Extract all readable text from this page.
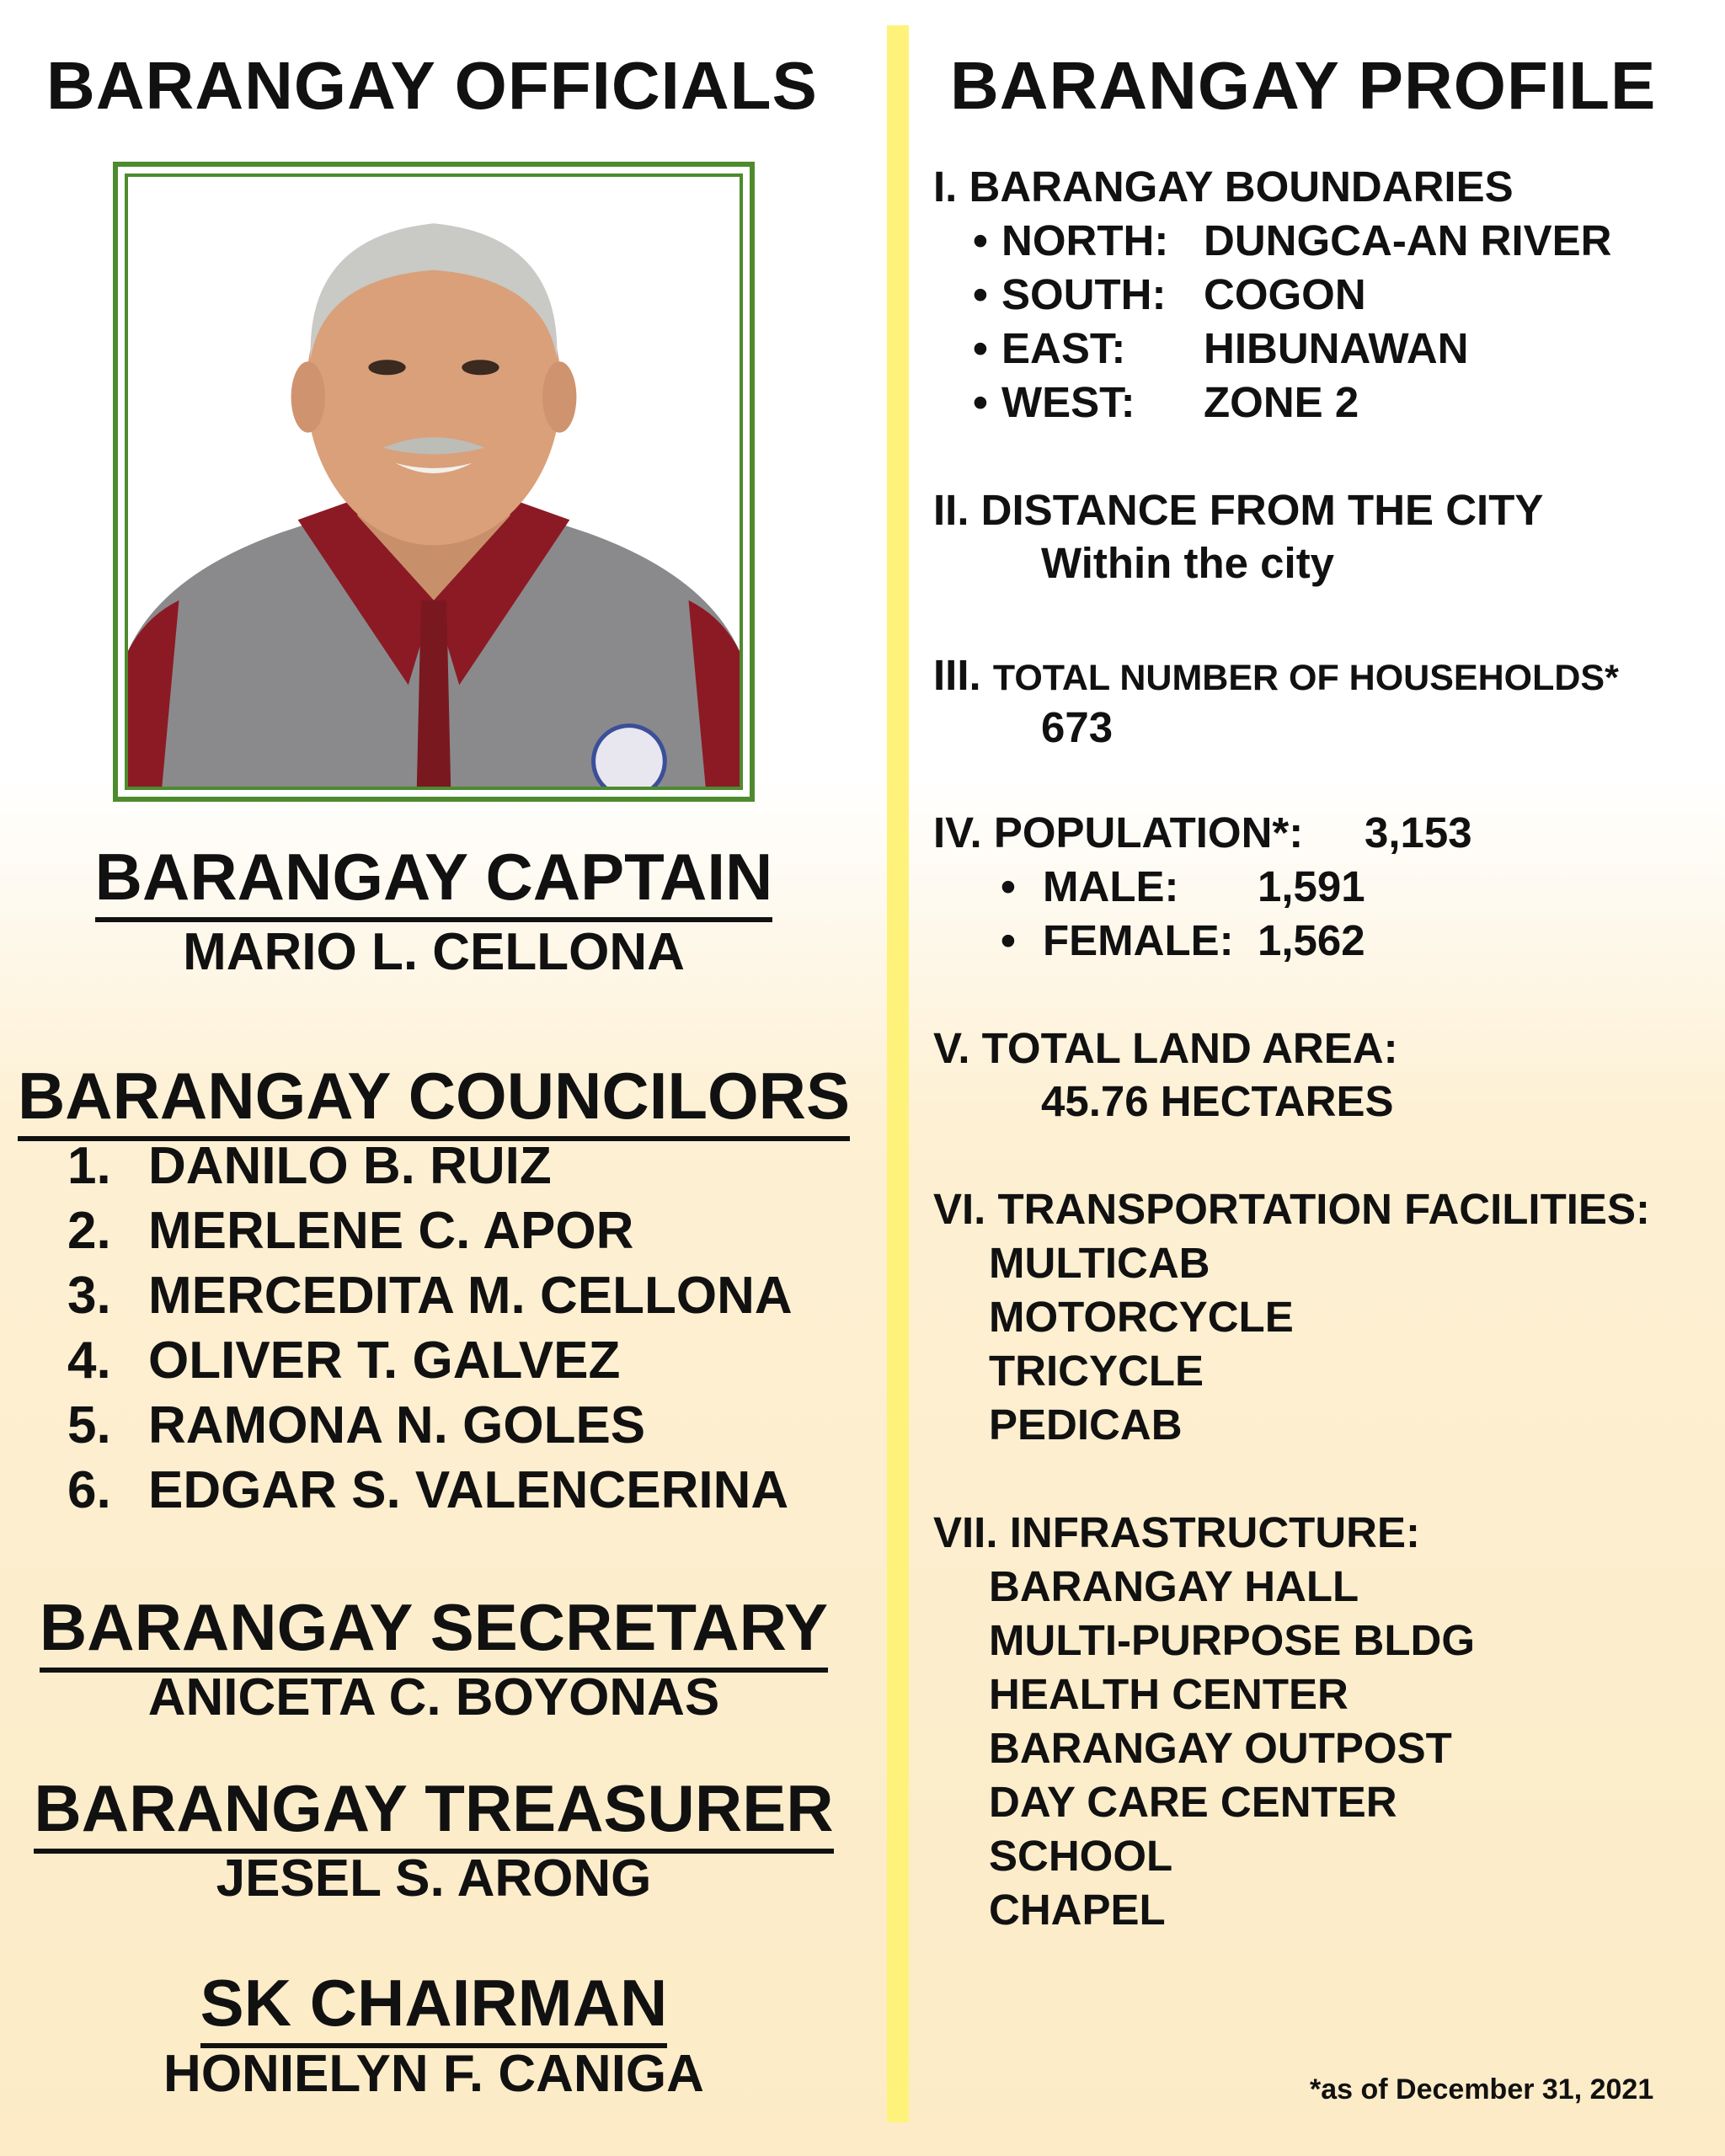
BARANGAY OFFICIALS
BARANGAY CAPTAIN
MARIO L. CELLONA
BARANGAY COUNCILORS
1. DANILO B. RUIZ
2. MERLENE C. APOR
3. MERCEDITA M. CELLONA
4. OLIVER T. GALVEZ
5. RAMONA N. GOLES
6. EDGAR S. VALENCERINA
BARANGAY SECRETARY
ANICETA C. BOYONAS
BARANGAY TREASURER
JESEL S. ARONG
SK CHAIRMAN
HONIELYN F. CANIGA
BARANGAY PROFILE
I. BARANGAY BOUNDARIES
• NORTH: DUNGCA-AN RIVER
• SOUTH: COGON
• EAST: HIBUNAWAN
• WEST: ZONE 2
II. DISTANCE FROM THE CITY
Within the city
III. TOTAL NUMBER OF HOUSEHOLDS*
673
IV. POPULATION*: 3,153
• MALE: 1,591
• FEMALE: 1,562
V. TOTAL LAND AREA:
45.76 HECTARES
VI. TRANSPORTATION FACILITIES:
MULTICAB
MOTORCYCLE
TRICYCLE
PEDICAB
VII. INFRASTRUCTURE:
BARANGAY HALL
MULTI-PURPOSE BLDG
HEALTH CENTER
BARANGAY OUTPOST
DAY CARE CENTER
SCHOOL
CHAPEL
*as of December 31, 2021
